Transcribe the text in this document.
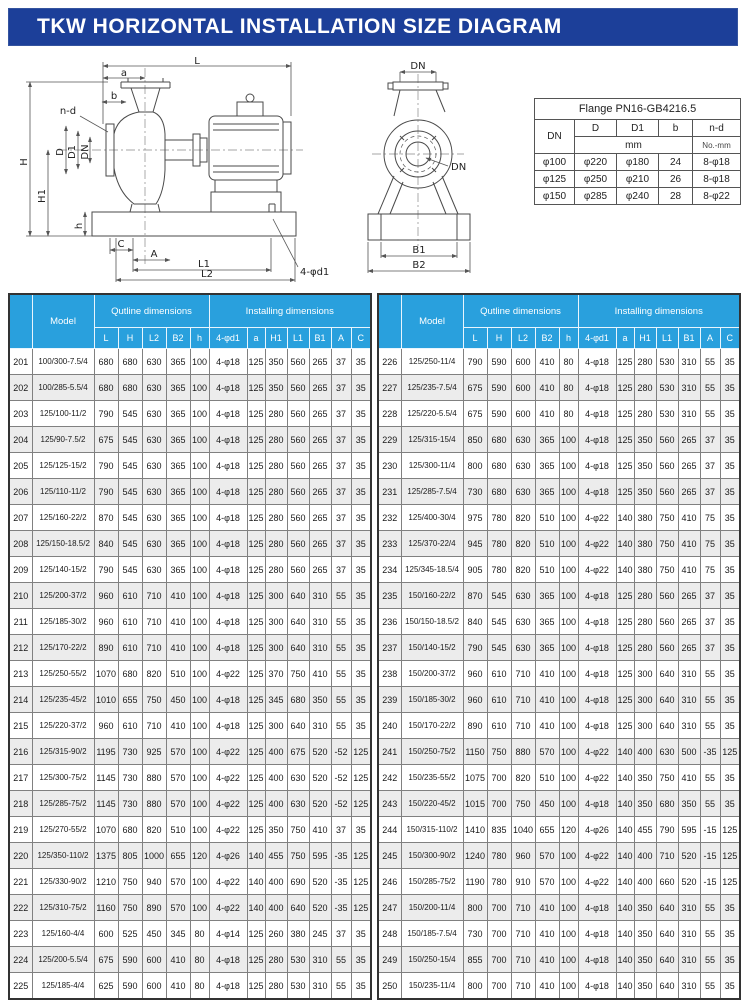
TKW HORIZONTAL INSTALLATION SIZE DIAGRAM
L
a
b
n-d
H
H1
D D1 DN
h
C
A
L1
L2	4-φd1
DN
DN
B1
B2
Flange PN16-GB4216.5				
DN	D	D1	b	n-d
	mm			No.-mm
φ100	φ220	φ180	24	8-φ18
φ125	φ250	φ210	26	8-φ18
φ150	φ285	φ240	28	8-φ22
	Model	Qutline dimensions					Installing dimensions						
		L	H	L2	B2	h	4-φd1	a	H1	L1	B1	A	C
201	100/300-7.5/4	680	680	630	365	100	4-φ18	125	350	560	265	37	35
202	100/285-5.5/4	680	680	630	365	100	4-φ18	125	350	560	265	37	35
203	125/100-11/2	790	545	630	365	100	4-φ18	125	280	560	265	37	35
204	125/90-7.5/2	675	545	630	365	100	4-φ18	125	280	560	265	37	35
205	125/125-15/2	790	545	630	365	100	4-φ18	125	280	560	265	37	35
206	125/110-11/2	790	545	630	365	100	4-φ18	125	280	560	265	37	35
207	125/160-22/2	870	545	630	365	100	4-φ18	125	280	560	265	37	35
208	125/150-18.5/2	840	545	630	365	100	4-φ18	125	280	560	265	37	35
209	125/140-15/2	790	545	630	365	100	4-φ18	125	280	560	265	37	35
210	125/200-37/2	960	610	710	410	100	4-φ18	125	300	640	310	55	35
211	125/185-30/2	960	610	710	410	100	4-φ18	125	300	640	310	55	35
212	125/170-22/2	890	610	710	410	100	4-φ18	125	300	640	310	55	35
213	125/250-55/2	1070	680	820	510	100	4-φ22	125	370	750	410	55	35
214	125/235-45/2	1010	655	750	450	100	4-φ18	125	345	680	350	55	35
215	125/220-37/2	960	610	710	410	100	4-φ18	125	300	640	310	55	35
216	125/315-90/2	1195	730	925	570	100	4-φ22	125	400	675	520	-52	125
217	125/300-75/2	1145	730	880	570	100	4-φ22	125	400	630	520	-52	125
218	125/285-75/2	1145	730	880	570	100	4-φ22	125	400	630	520	-52	125
219	125/270-55/2	1070	680	820	510	100	4-φ22	125	350	750	410	37	35
220	125/350-110/2	1375	805	1000	655	120	4-φ26	140	455	750	595	-35	125
221	125/330-90/2	1210	750	940	570	100	4-φ22	140	400	690	520	-35	125
222	125/310-75/2	1160	750	890	570	100	4-φ22	140	400	640	520	-35	125
223	125/160-4/4	600	525	450	345	80	4-φ14	125	260	380	245	37	35
224	125/200-5.5/4	675	590	600	410	80	4-φ18	125	280	530	310	55	35
225	125/185-4/4	625	590	600	410	80	4-φ18	125	280	530	310	55	35
	Model	Qutline dimensions					Installing dimensions						
		L	H	L2	B2	h	4-φd1	a	H1	L1	B1	A	C
226	125/250-11/4	790	590	600	410	80	4-φ18	125	280	530	310	55	35
227	125/235-7.5/4	675	590	600	410	80	4-φ18	125	280	530	310	55	35
228	125/220-5.5/4	675	590	600	410	80	4-φ18	125	280	530	310	55	35
229	125/315-15/4	850	680	630	365	100	4-φ18	125	350	560	265	37	35
230	125/300-11/4	800	680	630	365	100	4-φ18	125	350	560	265	37	35
231	125/285-7.5/4	730	680	630	365	100	4-φ18	125	350	560	265	37	35
232	125/400-30/4	975	780	820	510	100	4-φ22	140	380	750	410	75	35
233	125/370-22/4	945	780	820	510	100	4-φ22	140	380	750	410	75	35
234	125/345-18.5/4	905	780	820	510	100	4-φ22	140	380	750	410	75	35
235	150/160-22/2	870	545	630	365	100	4-φ18	125	280	560	265	37	35
236	150/150-18.5/2	840	545	630	365	100	4-φ18	125	280	560	265	37	35
237	150/140-15/2	790	545	630	365	100	4-φ18	125	280	560	265	37	35
238	150/200-37/2	960	610	710	410	100	4-φ18	125	300	640	310	55	35
239	150/185-30/2	960	610	710	410	100	4-φ18	125	300	640	310	55	35
240	150/170-22/2	890	610	710	410	100	4-φ18	125	300	640	310	55	35
241	150/250-75/2	1150	750	880	570	100	4-φ22	140	400	630	500	-35	125
242	150/235-55/2	1075	700	820	510	100	4-φ22	140	350	750	410	55	35
243	150/220-45/2	1015	700	750	450	100	4-φ18	140	350	680	350	55	35
244	150/315-110/2	1410	835	1040	655	120	4-φ26	140	455	790	595	-15	125
245	150/300-90/2	1240	780	960	570	100	4-φ22	140	400	710	520	-15	125
246	150/285-75/2	1190	780	910	570	100	4-φ22	140	400	660	520	-15	125
247	150/200-11/4	800	700	710	410	100	4-φ18	140	350	640	310	55	35
248	150/185-7.5/4	730	700	710	410	100	4-φ18	140	350	640	310	55	35
249	150/250-15/4	855	700	710	410	100	4-φ18	140	350	640	310	55	35
250	150/235-11/4	800	700	710	410	100	4-φ18	140	350	640	310	55	35
